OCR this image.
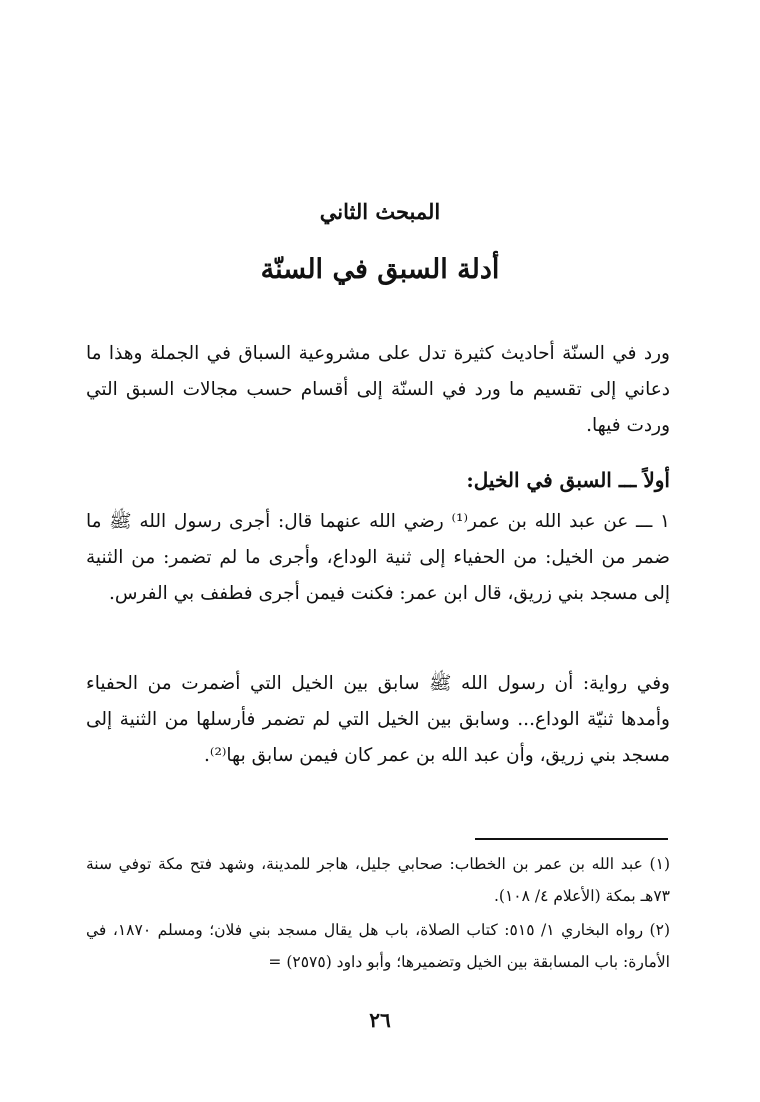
المبحث الثاني
أدلة السبق في السنّة
ورد في السنّة أحاديث كثيرة تدل على مشروعية السباق في الجملة وهذا ما دعاني إلى تقسيم ما ورد في السنّة إلى أقسام حسب مجالات السبق التي وردت فيها.
أولاً ـــ السبق في الخيل:
١ ـــ عن عبد الله بن عمر⁽¹⁾ رضي الله عنهما قال: أجرى رسول الله ﷺ ما ضمر من الخيل: من الحفياء إلى ثنية الوداع، وأجرى ما لم تضمر: من الثنية إلى مسجد بني زريق، قال ابن عمر: فكنت فيمن أجرى فطفف بي الفرس.
وفي رواية: أن رسول الله ﷺ سابق بين الخيل التي أضمرت من الحفياء وأمدها ثنيّة الوداع... وسابق بين الخيل التي لم تضمر فأرسلها من الثنية إلى مسجد بني زريق، وأن عبد الله بن عمر كان فيمن سابق بها⁽²⁾.
(١) عبد الله بن عمر بن الخطاب: صحابي جليل، هاجر للمدينة، وشهد فتح مكة توفي سنة ٧٣هـ بمكة (الأعلام ٤/ ١٠٨).
(٢) رواه البخاري ١/ ٥١٥: كتاب الصلاة، باب هل يقال مسجد بني فلان؛ ومسلم ١٨٧٠، في الأمارة: باب المسابقة بين الخيل وتضميرها؛ وأبو داود (٢٥٧٥) =
٢٦
